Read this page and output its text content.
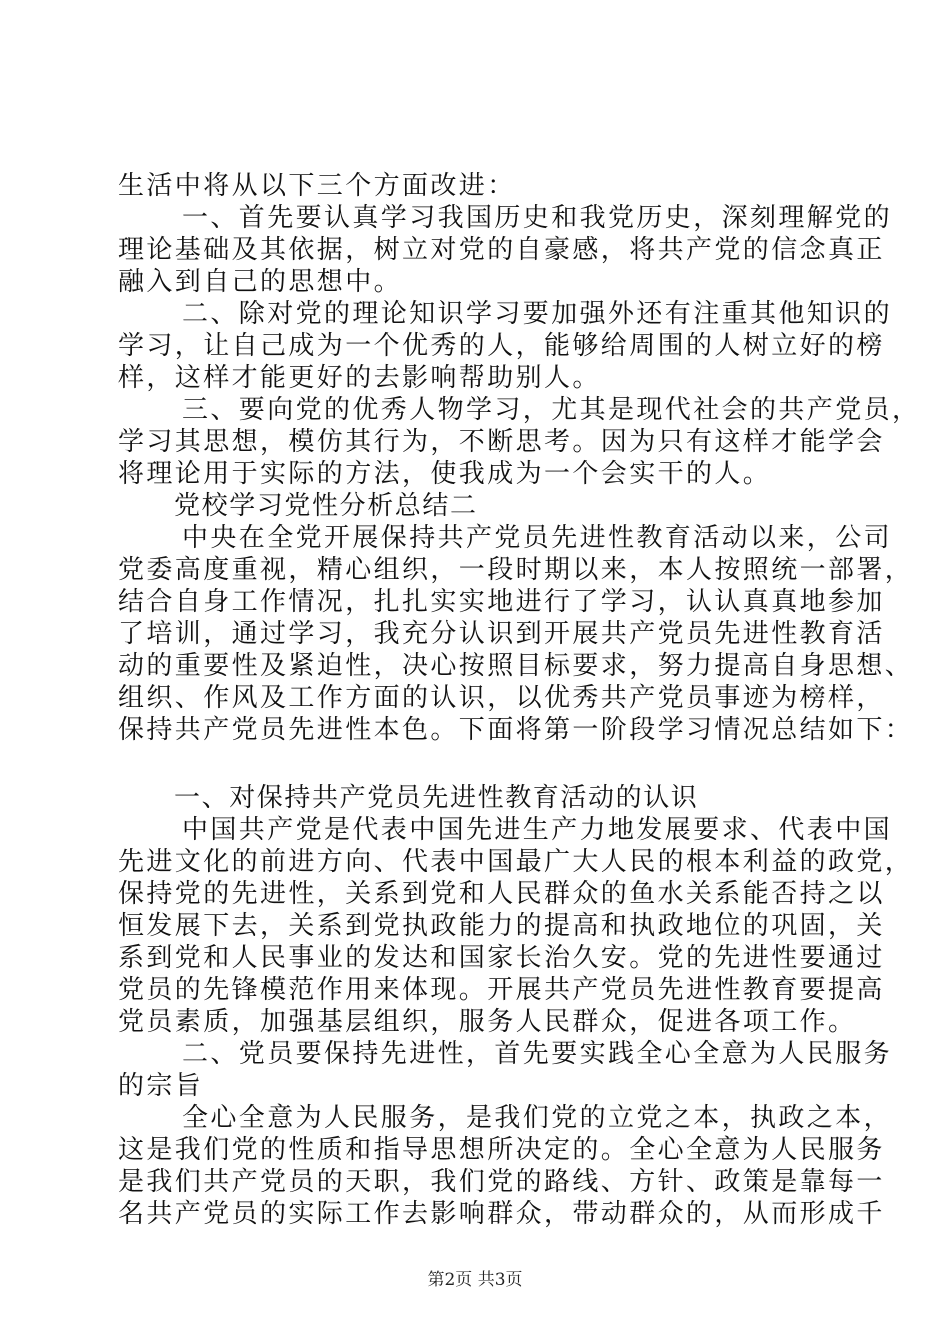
生活中将从以下三个方面改进：
一、首先要认真学习我国历史和我党历史，深刻理解党的
理论基础及其依据，树立对党的自豪感，将共产党的信念真正
融入到自己的思想中。
二、除对党的理论知识学习要加强外还有注重其他知识的
学习，让自己成为一个优秀的人，能够给周围的人树立好的榜
样，这样才能更好的去影响帮助别人。
三、要向党的优秀人物学习，尤其是现代社会的共产党员，
学习其思想，模仿其行为，不断思考。因为只有这样才能学会
将理论用于实际的方法，使我成为一个会实干的人。
党校学习党性分析总结二
中央在全党开展保持共产党员先进性教育活动以来，公司
党委高度重视，精心组织，一段时期以来，本人按照统一部署，
结合自身工作情况，扎扎实实地进行了学习，认认真真地参加
了培训，通过学习，我充分认识到开展共产党员先进性教育活
动的重要性及紧迫性，决心按照目标要求，努力提高自身思想、
组织、作风及工作方面的认识，以优秀共产党员事迹为榜样，
保持共产党员先进性本色。下面将第一阶段学习情况总结如下：
一、对保持共产党员先进性教育活动的认识
中国共产党是代表中国先进生产力地发展要求、代表中国
先进文化的前进方向、代表中国最广大人民的根本利益的政党，
保持党的先进性，关系到党和人民群众的鱼水关系能否持之以
恒发展下去，关系到党执政能力的提高和执政地位的巩固，关
系到党和人民事业的发达和国家长治久安。党的先进性要通过
党员的先锋模范作用来体现。开展共产党员先进性教育要提高
党员素质，加强基层组织，服务人民群众，促进各项工作。
二、党员要保持先进性，首先要实践全心全意为人民服务
的宗旨
全心全意为人民服务，是我们党的立党之本，执政之本，
这是我们党的性质和指导思想所决定的。全心全意为人民服务
是我们共产党员的天职，我们党的路线、方针、政策是靠每一
名共产党员的实际工作去影响群众，带动群众的，从而形成千
第2页 共3页
